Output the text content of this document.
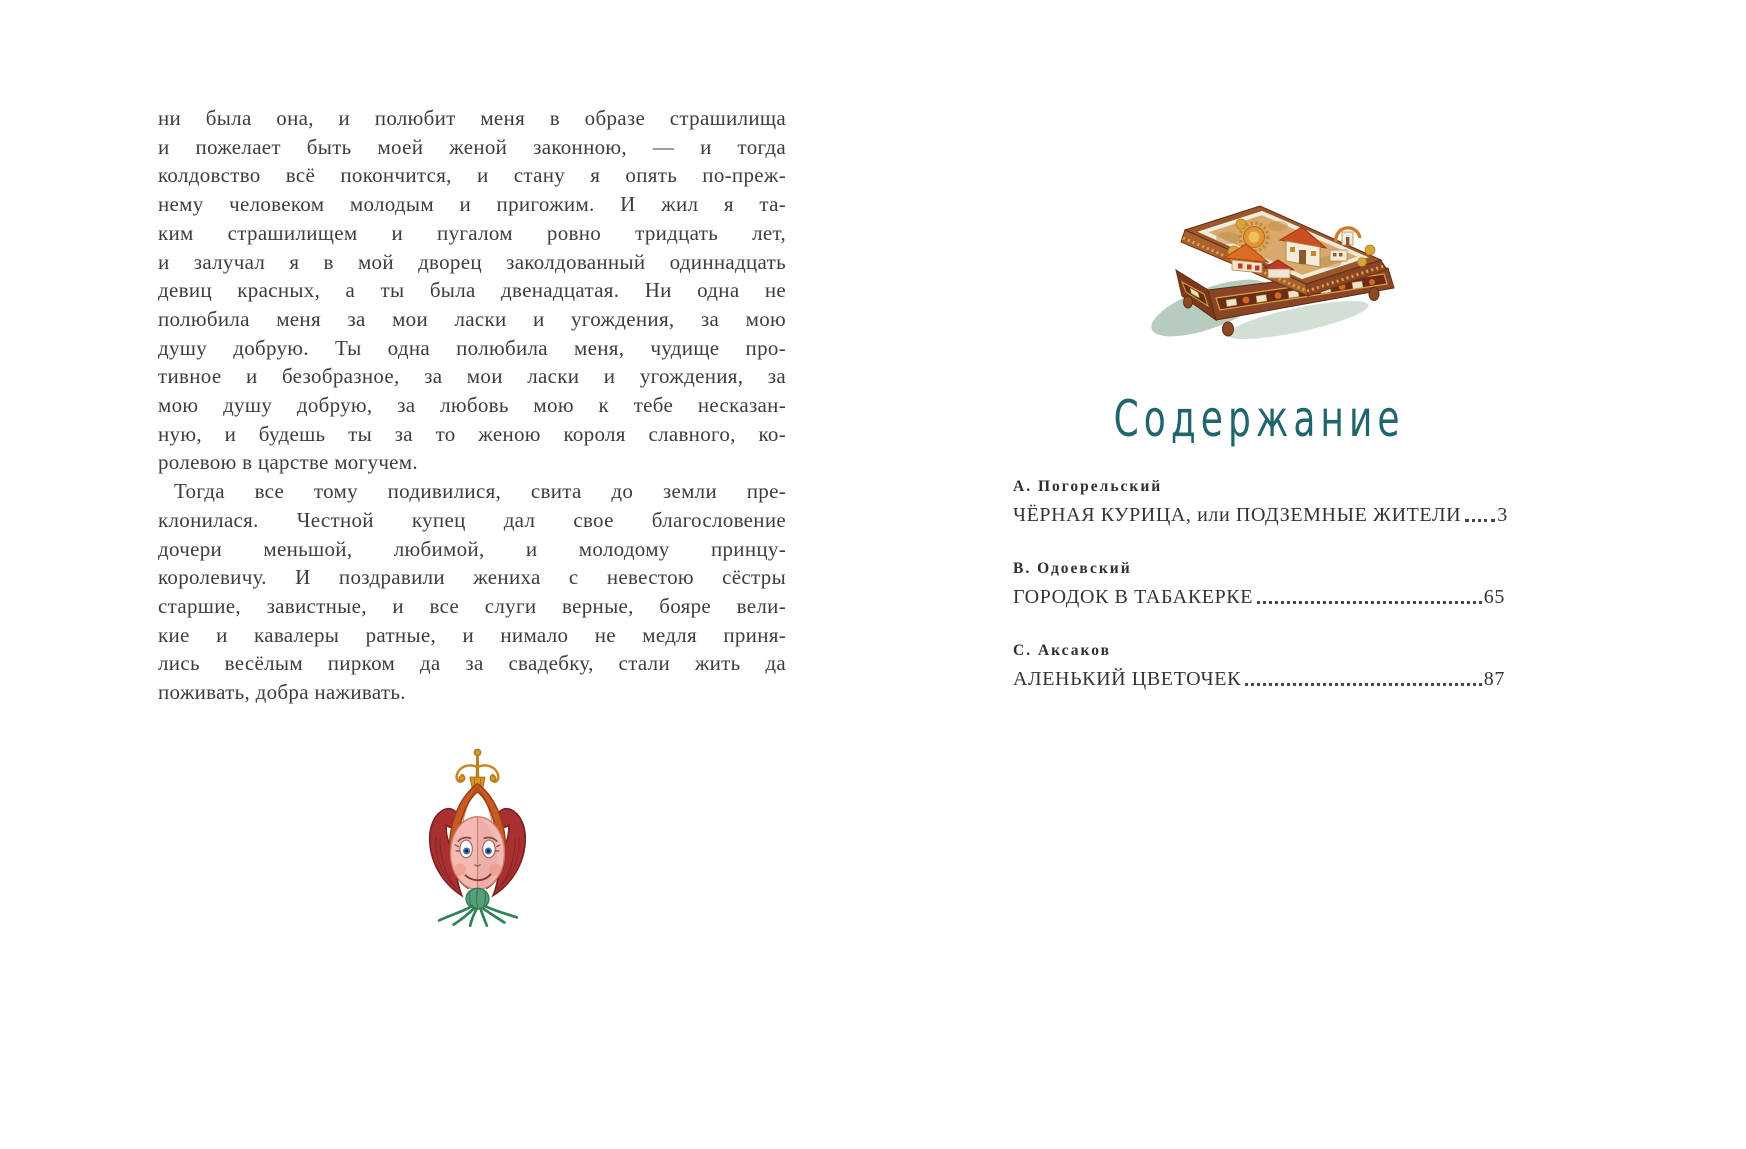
ни была она, и полюбит меня в образе страшилища
и пожелает быть моей женой законною, — и тогда
колдовство всё покончится, и стану я опять по-преж-
нему человеком молодым и пригожим. И жил я та-
ким страшилищем и пугалом ровно тридцать лет,
и залучал я в мой дворец заколдованный одиннадцать
девиц красных, а ты была двенадцатая. Ни одна не
полюбила меня за мои ласки и угождения, за мою
душу добрую. Ты одна полюбила меня, чудище про-
тивное и безобразное, за мои ласки и угождения, за
мою душу добрую, за любовь мою к тебе несказан-
ную, и будешь ты за то женою короля славного, ко-
ролевою в царстве могучем.
Тогда все тому подивилися, свита до земли пре-
клонилася. Честной купец дал свое благословение
дочери меньшой, любимой, и молодому принцу-
королевичу. И поздравили жениха с невестою сёстры
старшие, завистные, и все слуги верные, бояре вели-
кие и кавалеры ратные, и нимало не медля приня-
лись весёлым пирком да за свадебку, стали жить да
поживать, добра наживать.
Содержание
А. Погорельский
ЧЁРНАЯ КУРИЦА, или ПОДЗЕМНЫЕ ЖИТЕЛИ 3
В. Одоевский
ГОРОДОК В ТАБАКЕРКЕ	65
С. Аксаков
АЛЕНЬКИЙ ЦВЕТОЧЕК	87
